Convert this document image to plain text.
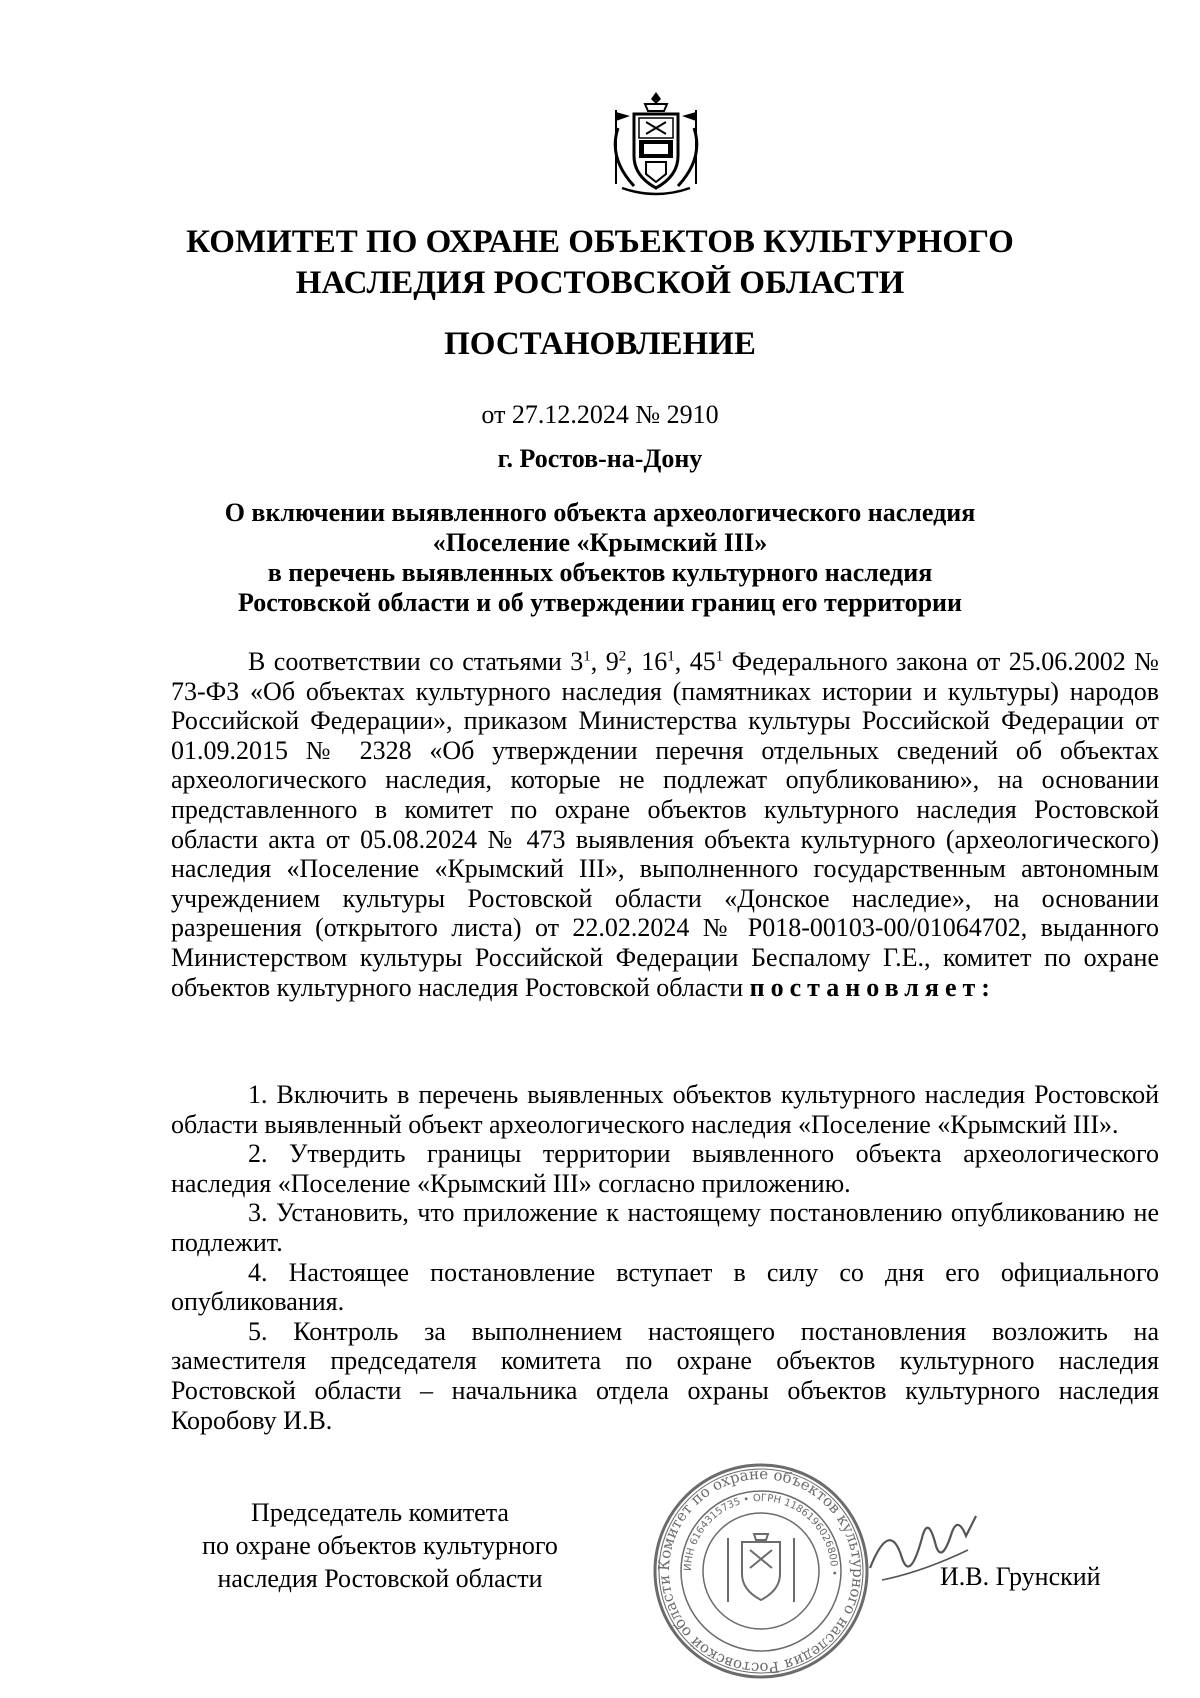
КОМИТЕТ ПО ОХРАНЕ ОБЪЕКТОВ КУЛЬТУРНОГО
НАСЛЕДИЯ РОСТОВСКОЙ ОБЛАСТИ
ПОСТАНОВЛЕНИЕ
от 27.12.2024 № 2910
г. Ростов-на-Дону
О включении выявленного объекта археологического наследия
«Поселение «Крымский III»
в перечень выявленных объектов культурного наследия
Ростовской области и об утверждении границ его территории

В соответствии со статьями $3^1$, $9^2$, $16^1$, $45^1$ Федерального закона от 25.06.2002 № 73-ФЗ «Об объектах культурного наследия (памятниках истории и культуры) народов Российской Федерации», приказом Министерства культуры Российской Федерации от 01.09.2015 № 2328 «Об утверждении перечня отдельных сведений об объектах археологического наследия, которые не подлежат опубликованию», на основании представленного в комитет по охране объектов культурного наследия Ростовской области акта от 05.08.2024 № 473 выявления объекта культурного (археологического) наследия «Поселение «Крымский III», выполненного государственным автономным учреждением культуры Ростовской области «Донское наследие», на основании разрешения (открытого листа) от 22.02.2024 № Р018-00103-00/01064702, выданного Министерством культуры Российской Федерации Беспалому Г.Е., комитет по охране объектов культурного наследия Ростовской области постановляет:

1. Включить в перечень выявленных объектов культурного наследия Ростовской области выявленный объект археологического наследия «Поселение «Крымский III».

2. Утвердить границы территории выявленного объекта археологического наследия «Поселение «Крымский III» согласно приложению.

3. Установить, что приложение к настоящему постановлению опубликованию не подлежит.

4. Настоящее постановление вступает в силу со дня его официального опубликования.

5. Контроль за выполнением настоящего постановления возложить на заместителя председателя комитета по охране объектов культурного наследия Ростовской области – начальника отдела охраны объектов культурного наследия Коробову И.В.

Председатель комитета
по охране объектов культурного
наследия Ростовской области	Комитет по охране объектов культурного наследия Ростовской области
ИНН 6164315735 • ОГРН 1186196026800 •	И.В. Грунский
